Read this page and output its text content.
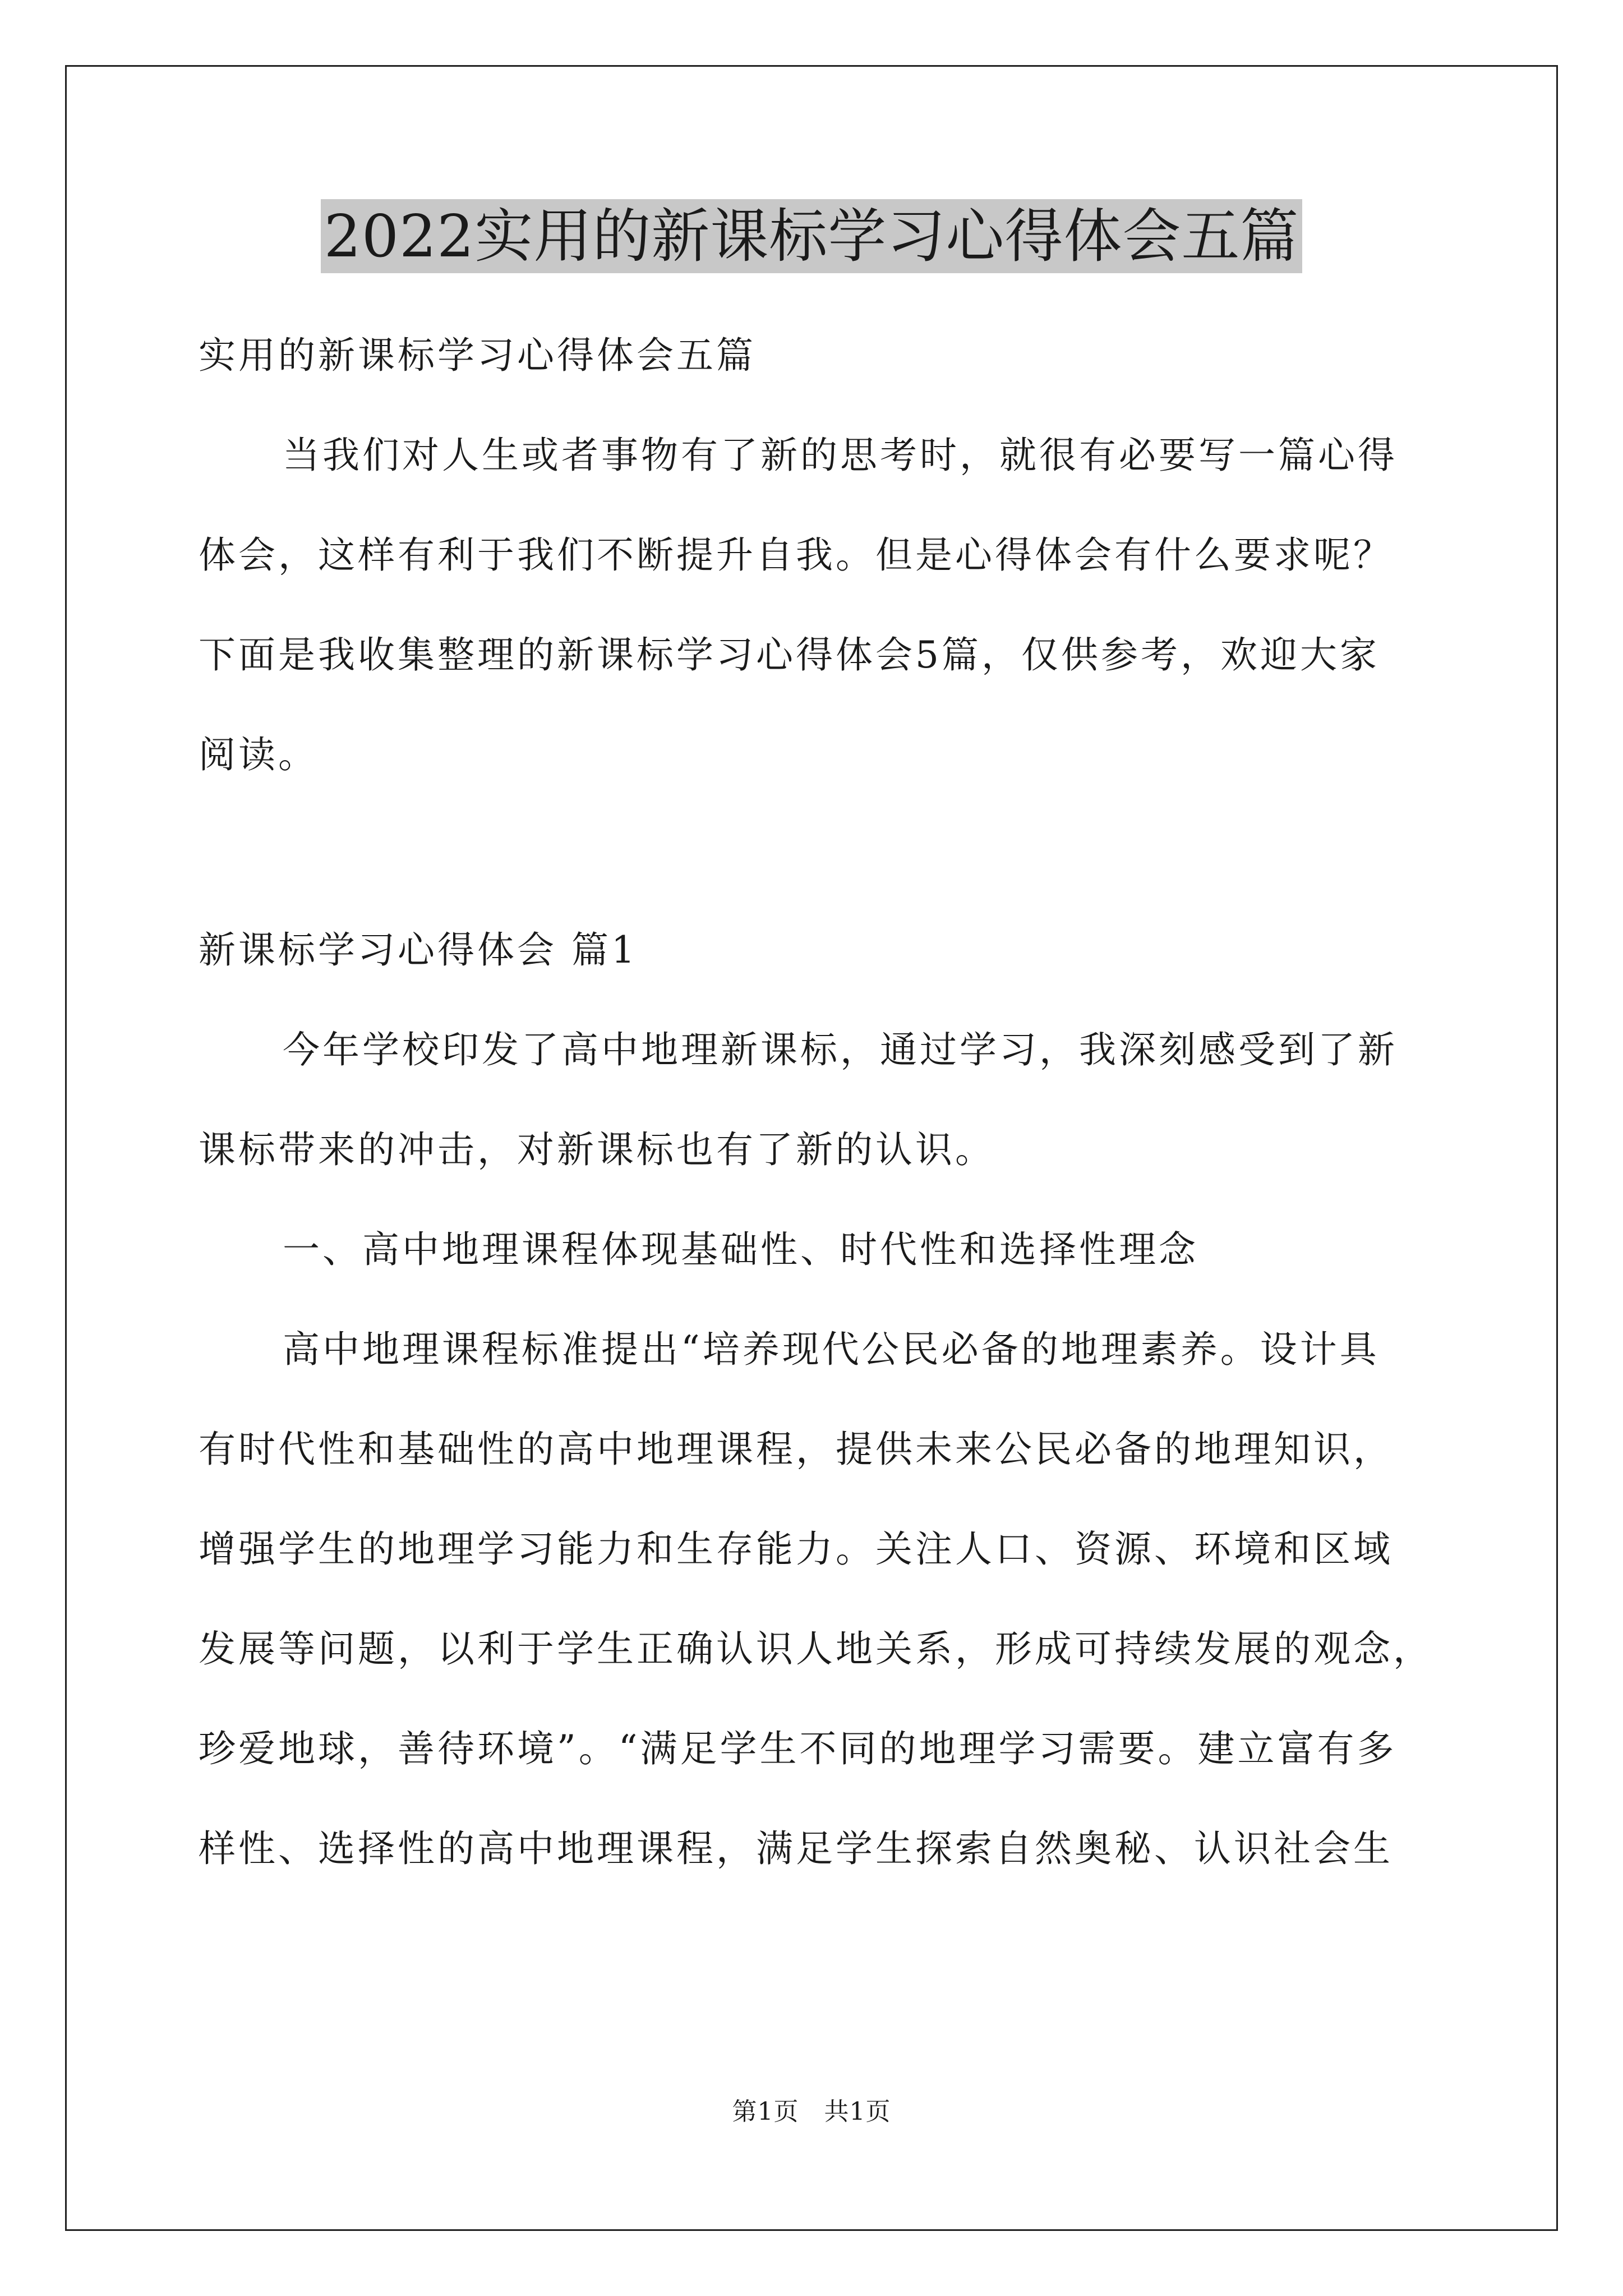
2022实用的新课标学习心得体会五篇
实用的新课标学习心得体会五篇
当我们对人生或者事物有了新的思考时，就很有必要写一篇心得
体会，这样有利于我们不断提升自我。但是心得体会有什么要求呢？
下面是我收集整理的新课标学习心得体会5篇，仅供参考，欢迎大家
阅读。
新课标学习心得体会 篇1
今年学校印发了高中地理新课标，通过学习，我深刻感受到了新
课标带来的冲击，对新课标也有了新的认识。
一、高中地理课程体现基础性、时代性和选择性理念
高中地理课程标准提出“培养现代公民必备的地理素养。设计具
有时代性和基础性的高中地理课程，提供未来公民必备的地理知识，
增强学生的地理学习能力和生存能力。关注人口、资源、环境和区域
发展等问题，以利于学生正确认识人地关系，形成可持续发展的观念，
珍爱地球，善待环境”。“满足学生不同的地理学习需要。建立富有多
样性、选择性的高中地理课程，满足学生探索自然奥秘、认识社会生
第1页　共1页
